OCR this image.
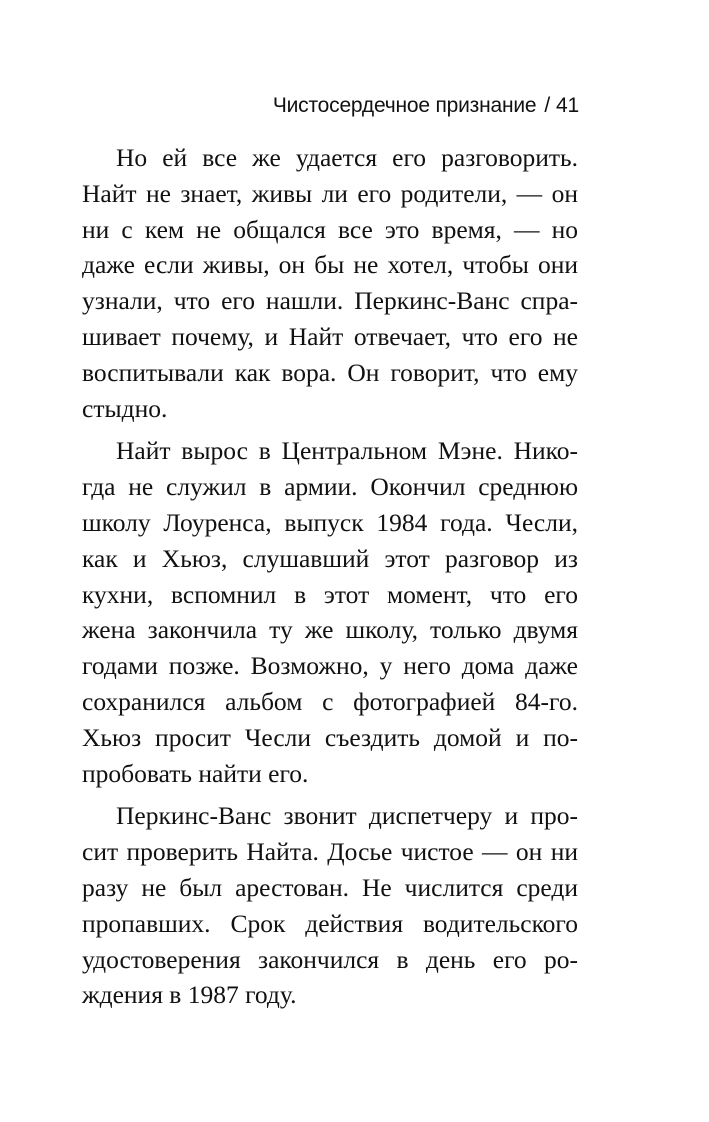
Чистосердечное признание / 41
Но ей все же удается его разговорить.
Найт не знает, живы ли его родители, — он
ни с кем не общался все это время, — но
даже если живы, он бы не хотел, чтобы они
узнали, что его нашли. Перкинс-Ванс спра-
шивает почему, и Найт отвечает, что его не
воспитывали как вора. Он говорит, что ему
стыдно.
Найт вырос в Центральном Мэне. Нико-
гда не служил в армии. Окончил среднюю
школу Лоуренса, выпуск 1984 года. Чесли,
как и Хьюз, слушавший этот разговор из
кухни, вспомнил в этот момент, что его
жена закончила ту же школу, только двумя
годами позже. Возможно, у него дома даже
сохранился альбом с фотографией 84-го.
Хьюз просит Чесли съездить домой и по-
пробовать найти его.
Перкинс-Ванс звонит диспетчеру и про-
сит проверить Найта. Досье чистое — он ни
разу не был арестован. Не числится среди
пропавших. Срок действия водительского
удостоверения закончился в день его ро-
ждения в 1987 году.
